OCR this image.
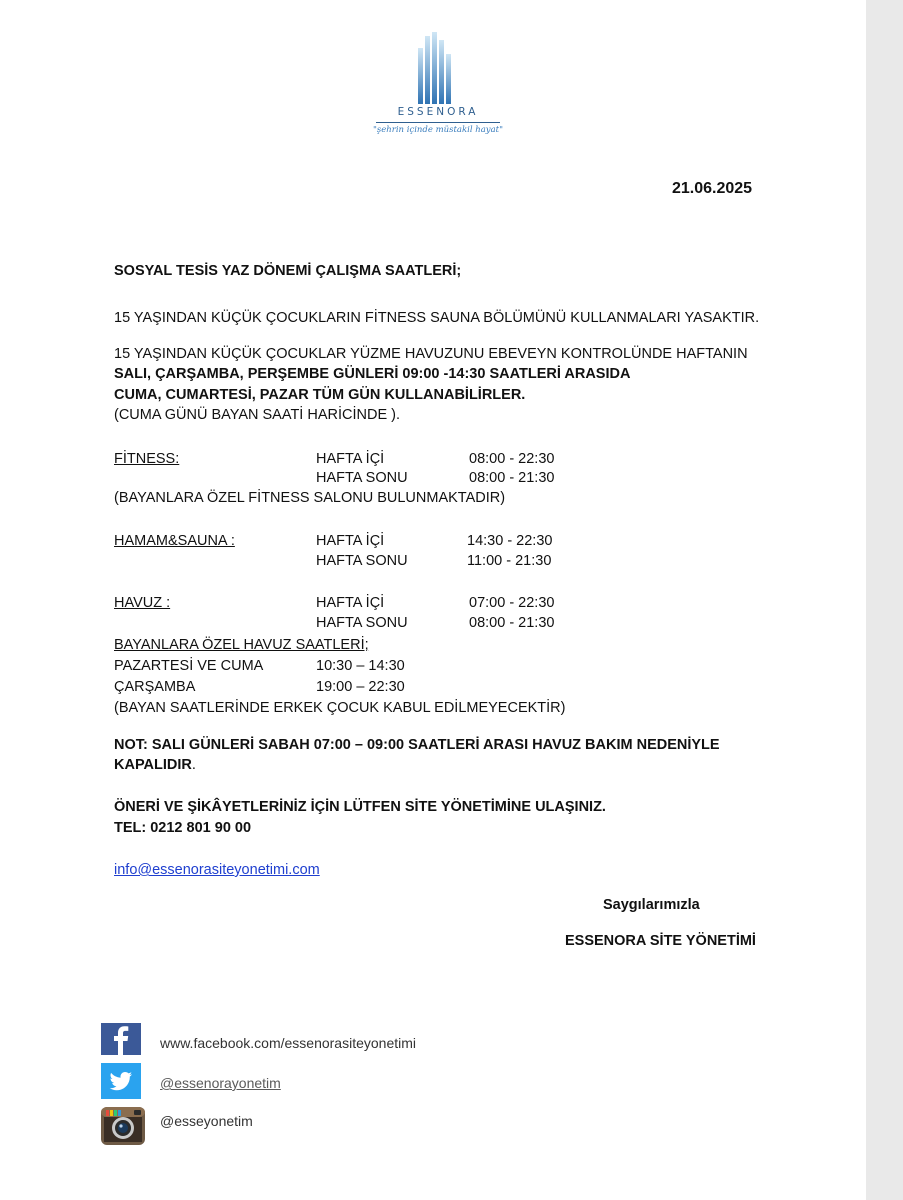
ESSENORA
"şehrin içinde müstakil hayat"
21.06.2025
SOSYAL TESİS YAZ DÖNEMİ ÇALIŞMA SAATLERİ;
15 YAŞINDAN KÜÇÜK ÇOCUKLARIN FİTNESS SAUNA BÖLÜMÜNÜ KULLANMALARI YASAKTIR.
15 YAŞINDAN KÜÇÜK ÇOCUKLAR YÜZME HAVUZUNU EBEVEYN KONTROLÜNDE HAFTANIN
SALI, ÇARŞAMBA, PERŞEMBE GÜNLERİ 09:00 -14:30 SAATLERİ ARASIDA
CUMA, CUMARTESİ, PAZAR TÜM GÜN KULLANABİLİRLER.
(CUMA GÜNÜ BAYAN SAATİ HARİCİNDE ).
FİTNESS:	HAFTA İÇİ	08:00 - 22:30
HAFTA SONU	08:00 - 21:30
(BAYANLARA ÖZEL FİTNESS SALONU BULUNMAKTADIR)
HAMAM&SAUNA :	HAFTA İÇİ	14:30 - 22:30
HAFTA SONU	11:00 - 21:30
HAVUZ :	HAFTA İÇİ	07:00 - 22:30
HAFTA SONU	08:00 - 21:30
BAYANLARA ÖZEL HAVUZ SAATLERİ;
PAZARTESİ VE CUMA	10:30 – 14:30
ÇARŞAMBA	19:00 – 22:30
(BAYAN SAATLERİNDE ERKEK ÇOCUK KABUL EDİLMEYECEKTİR)
NOT: SALI GÜNLERİ SABAH 07:00 – 09:00 SAATLERİ ARASI HAVUZ BAKIM NEDENİYLE
KAPALIDIR.
ÖNERİ VE ŞİKÂYETLERİNİZ İÇİN LÜTFEN SİTE YÖNETİMİNE ULAŞINIZ.
TEL: 0212 801 90 00
info@essenorasiteyonetimi.com
Saygılarımızla
ESSENORA SİTE YÖNETİMİ
www.facebook.com/essenorasiteyonetimi
@essenorayonetim
@esseyonetim
